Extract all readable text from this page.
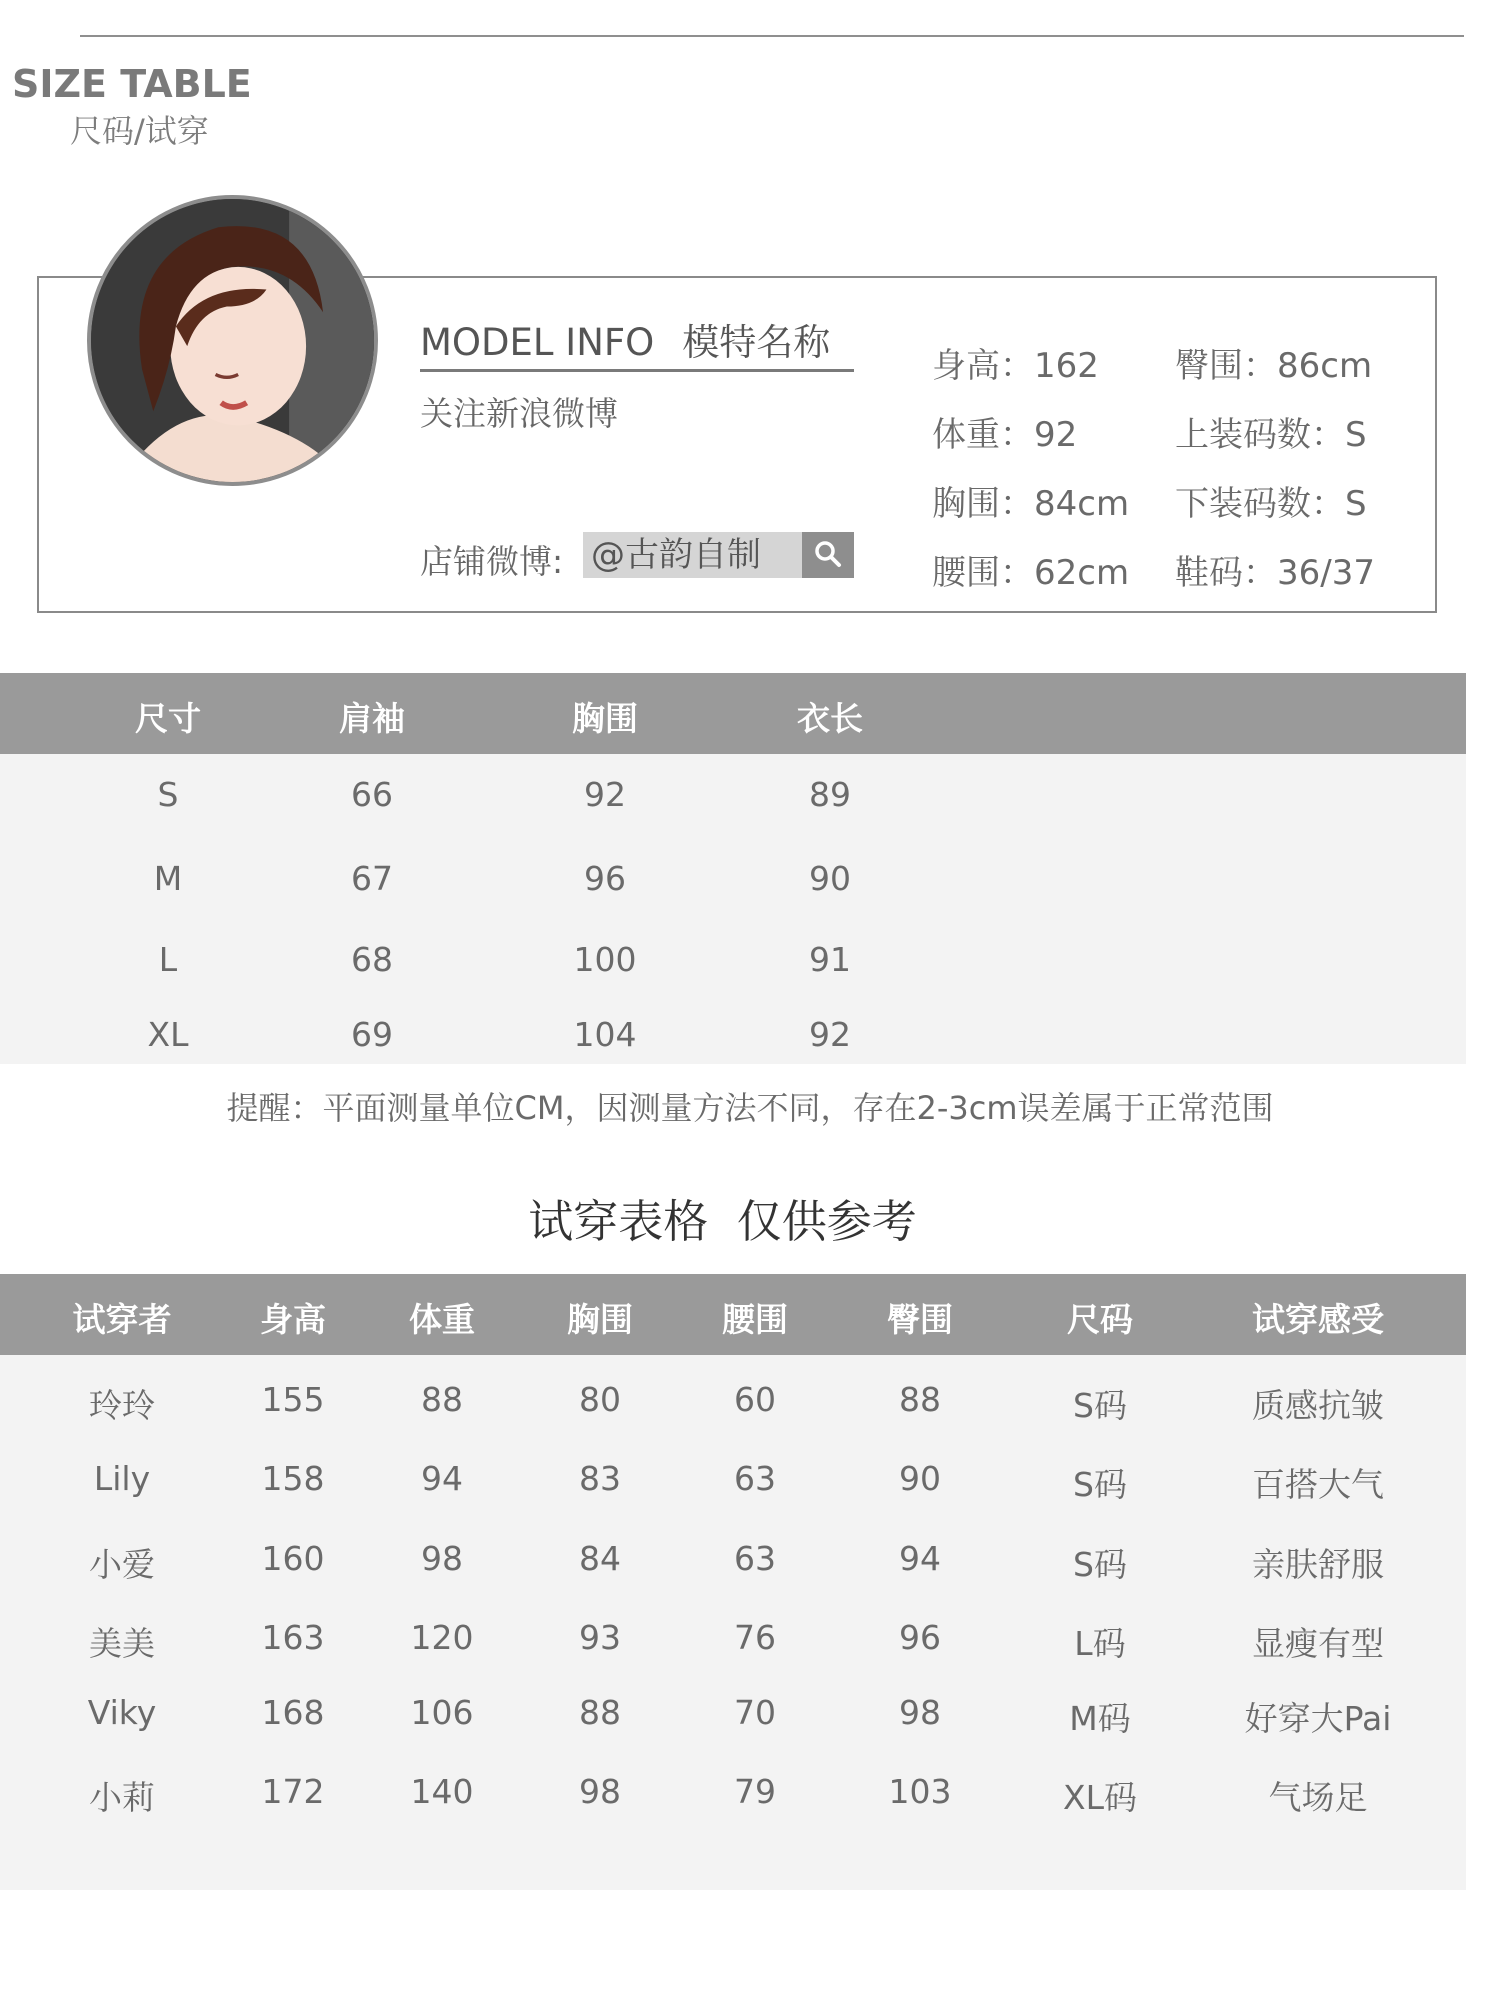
SIZE TABLE
尺码/试穿
MODEL INFO 模特名称
关注新浪微博
店铺微博: @古韵自制
身高：162 臀围：86cm
体重：92	上装码数：S
胸围：84cm 下装码数：S
腰围：62cm 鞋码：36/37
尺寸	肩袖	胸围	衣长
S	66	92	89
M	67	96	90
L	68	100	91
XL	69	104	92
提醒：平面测量单位CM，因测量方法不同，存在2-3cm误差属于正常范围
试穿表格  仅供参考
试穿者	身高	体重	胸围	腰围	臀围	尺码	试穿感受
玲玲	155	88	80	60	88	S码	质感抗皱
Lily	158	94	83	63	90	S码	百搭大气
小爱	160	98	84	63	94	S码	亲肤舒服
美美	163	120	93	76	96	L码	显瘦有型
Viky	168	106	88	70	98	M码	好穿大Pai
小莉	172	140	98	79	103	XL码	气场足
